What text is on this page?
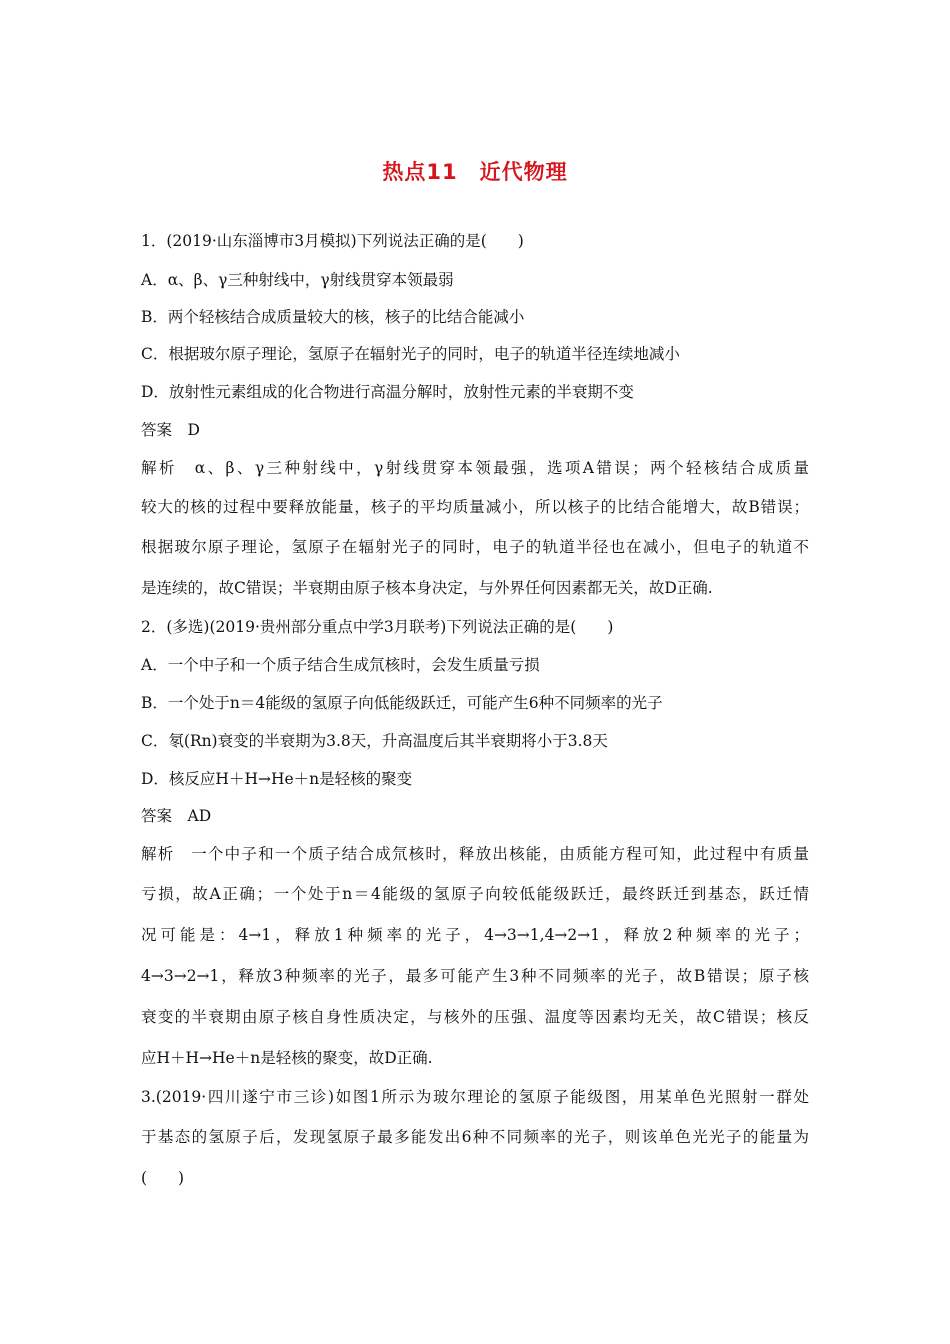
热点11　近代物理
1．(2019·山东淄博市3月模拟)下列说法正确的是(　　)
A．α、β、γ三种射线中，γ射线贯穿本领最弱
B．两个轻核结合成质量较大的核，核子的比结合能减小
C．根据玻尔原子理论，氢原子在辐射光子的同时，电子的轨道半径连续地减小
D．放射性元素组成的化合物进行高温分解时，放射性元素的半衰期不变
答案　D
解析　α、β、γ三种射线中，γ射线贯穿本领最强，选项A错误；两个轻核结合成质量
较大的核的过程中要释放能量，核子的平均质量减小，所以核子的比结合能增大，故B错误；
根据玻尔原子理论，氢原子在辐射光子的同时，电子的轨道半径也在减小，但电子的轨道不
是连续的，故C错误；半衰期由原子核本身决定，与外界任何因素都无关，故D正确.
2．(多选)(2019·贵州部分重点中学3月联考)下列说法正确的是(　　)
A．一个中子和一个质子结合生成氘核时，会发生质量亏损
B．一个处于n＝4能级的氢原子向低能级跃迁，可能产生6种不同频率的光子
C．氡(Rn)衰变的半衰期为3.8天，升高温度后其半衰期将小于3.8天
D．核反应H＋H→He＋n是轻核的聚变
答案　AD
解析　一个中子和一个质子结合成氘核时，释放出核能，由质能方程可知，此过程中有质量
亏损，故A正确；一个处于n＝4能级的氢原子向较低能级跃迁，最终跃迁到基态，跃迁情
况可能是：4→1，释放1种频率的光子，4→3→1,4→2→1，释放2种频率的光子；
4→3→2→1，释放3种频率的光子，最多可能产生3种不同频率的光子，故B错误；原子核
衰变的半衰期由原子核自身性质决定，与核外的压强、温度等因素均无关，故C错误；核反
应H＋H→He＋n是轻核的聚变，故D正确.
3.(2019·四川遂宁市三诊)如图1所示为玻尔理论的氢原子能级图，用某单色光照射一群处
于基态的氢原子后，发现氢原子最多能发出6种不同频率的光子，则该单色光光子的能量为
(　　)
